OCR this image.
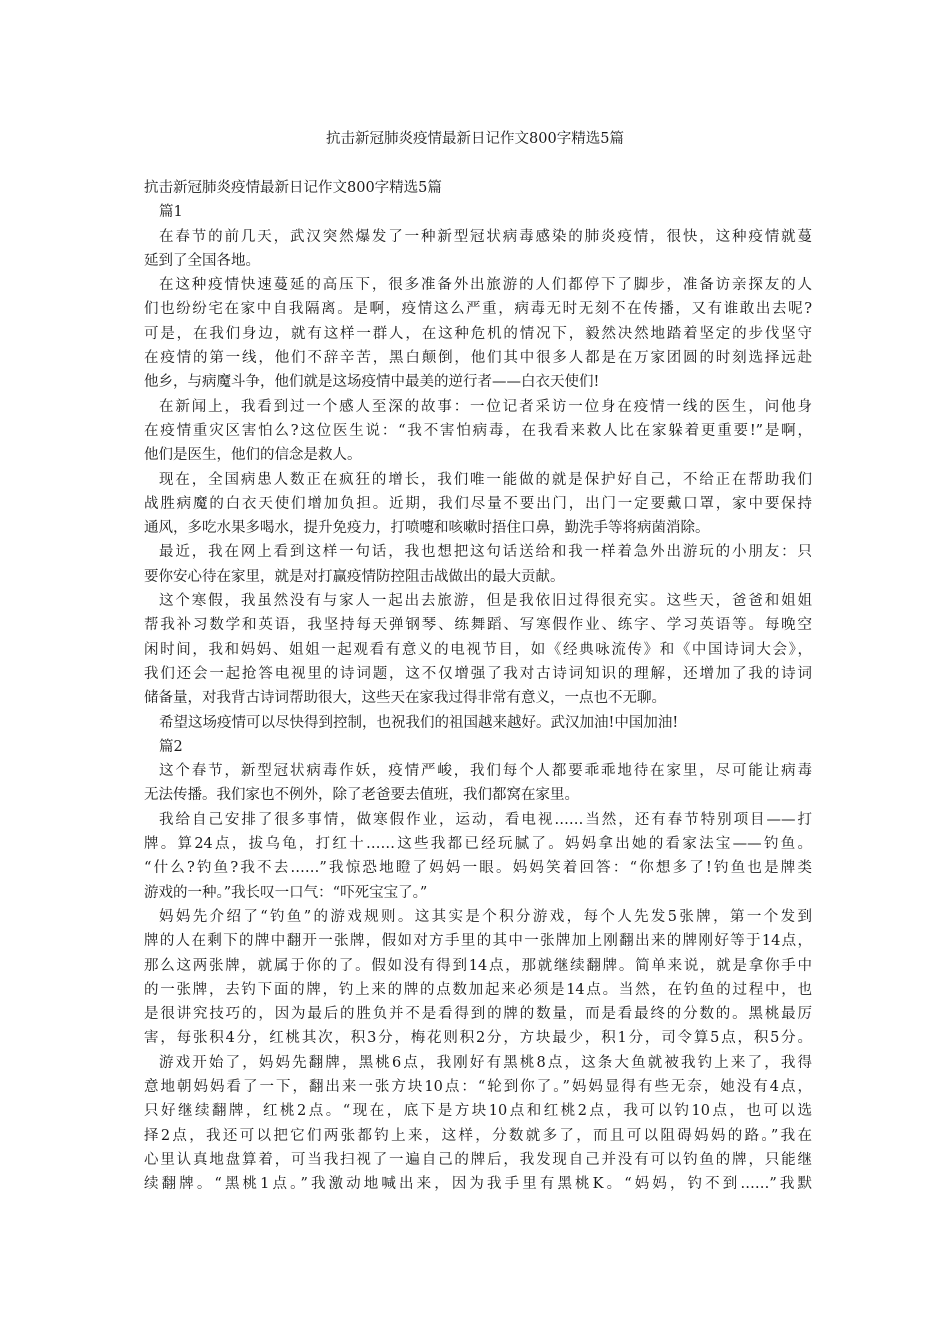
抗击新冠肺炎疫情最新日记作文800字精选5篇
抗击新冠肺炎疫情最新日记作文800字精选5篇
篇1
在春节的前几天，武汉突然爆发了一种新型冠状病毒感染的肺炎疫情，很快，这种疫情就蔓
延到了全国各地。
在这种疫情快速蔓延的高压下，很多准备外出旅游的人们都停下了脚步，准备访亲探友的人
们也纷纷宅在家中自我隔离。是啊，疫情这么严重，病毒无时无刻不在传播，又有谁敢出去呢?
可是，在我们身边，就有这样一群人，在这种危机的情况下，毅然决然地踏着坚定的步伐坚守
在疫情的第一线，他们不辞辛苦，黑白颠倒，他们其中很多人都是在万家团圆的时刻选择远赴
他乡，与病魔斗争，他们就是这场疫情中最美的逆行者——白衣天使们!
在新闻上，我看到过一个感人至深的故事：一位记者采访一位身在疫情一线的医生，问他身
在疫情重灾区害怕么?这位医生说：“我不害怕病毒，在我看来救人比在家躲着更重要!”是啊，
他们是医生，他们的信念是救人。
现在，全国病患人数正在疯狂的增长，我们唯一能做的就是保护好自己，不给正在帮助我们
战胜病魔的白衣天使们增加负担。近期，我们尽量不要出门，出门一定要戴口罩，家中要保持
通风，多吃水果多喝水，提升免疫力，打喷嚏和咳嗽时捂住口鼻，勤洗手等将病菌消除。
最近，我在网上看到这样一句话，我也想把这句话送给和我一样着急外出游玩的小朋友：只
要你安心待在家里，就是对打赢疫情防控阻击战做出的最大贡献。
这个寒假，我虽然没有与家人一起出去旅游，但是我依旧过得很充实。这些天，爸爸和姐姐
帮我补习数学和英语，我坚持每天弹钢琴、练舞蹈、写寒假作业、练字、学习英语等。每晚空
闲时间，我和妈妈、姐姐一起观看有意义的电视节目，如《经典咏流传》和《中国诗词大会》，
我们还会一起抢答电视里的诗词题，这不仅增强了我对古诗词知识的理解，还增加了我的诗词
储备量，对我背古诗词帮助很大，这些天在家我过得非常有意义，一点也不无聊。
希望这场疫情可以尽快得到控制，也祝我们的祖国越来越好。武汉加油!中国加油!
篇2
这个春节，新型冠状病毒作妖，疫情严峻，我们每个人都要乖乖地待在家里，尽可能让病毒
无法传播。我们家也不例外，除了老爸要去值班，我们都窝在家里。
我给自己安排了很多事情，做寒假作业，运动，看电视……当然，还有春节特别项目——打
牌。算24点，拔乌龟，打红十……这些我都已经玩腻了。妈妈拿出她的看家法宝——钓鱼。
“什么?钓鱼?我不去……”我惊恐地瞪了妈妈一眼。妈妈笑着回答：“你想多了!钓鱼也是牌类
游戏的一种。”我长叹一口气：“吓死宝宝了。”
妈妈先介绍了“钓鱼”的游戏规则。这其实是个积分游戏，每个人先发5张牌，第一个发到
牌的人在剩下的牌中翻开一张牌，假如对方手里的其中一张牌加上刚翻出来的牌刚好等于14点，
那么这两张牌，就属于你的了。假如没有得到14点，那就继续翻牌。简单来说，就是拿你手中
的一张牌，去钓下面的牌，钓上来的牌的点数加起来必须是14点。当然，在钓鱼的过程中，也
是很讲究技巧的，因为最后的胜负并不是看得到的牌的数量，而是看最终的分数的。黑桃最厉
害，每张积4分，红桃其次，积3分，梅花则积2分，方块最少，积1分，司令算5点，积5分。
游戏开始了，妈妈先翻牌，黑桃6点，我刚好有黑桃8点，这条大鱼就被我钓上来了，我得
意地朝妈妈看了一下，翻出来一张方块10点：“轮到你了。”妈妈显得有些无奈，她没有4点，
只好继续翻牌，红桃2点。“现在，底下是方块10点和红桃2点，我可以钓10点，也可以选
择2点，我还可以把它们两张都钓上来，这样，分数就多了，而且可以阻碍妈妈的路。”我在
心里认真地盘算着，可当我扫视了一遍自己的牌后，我发现自己并没有可以钓鱼的牌，只能继
续翻牌。“黑桃1点。”我激动地喊出来，因为我手里有黑桃K。“妈妈，钓不到……”我默
